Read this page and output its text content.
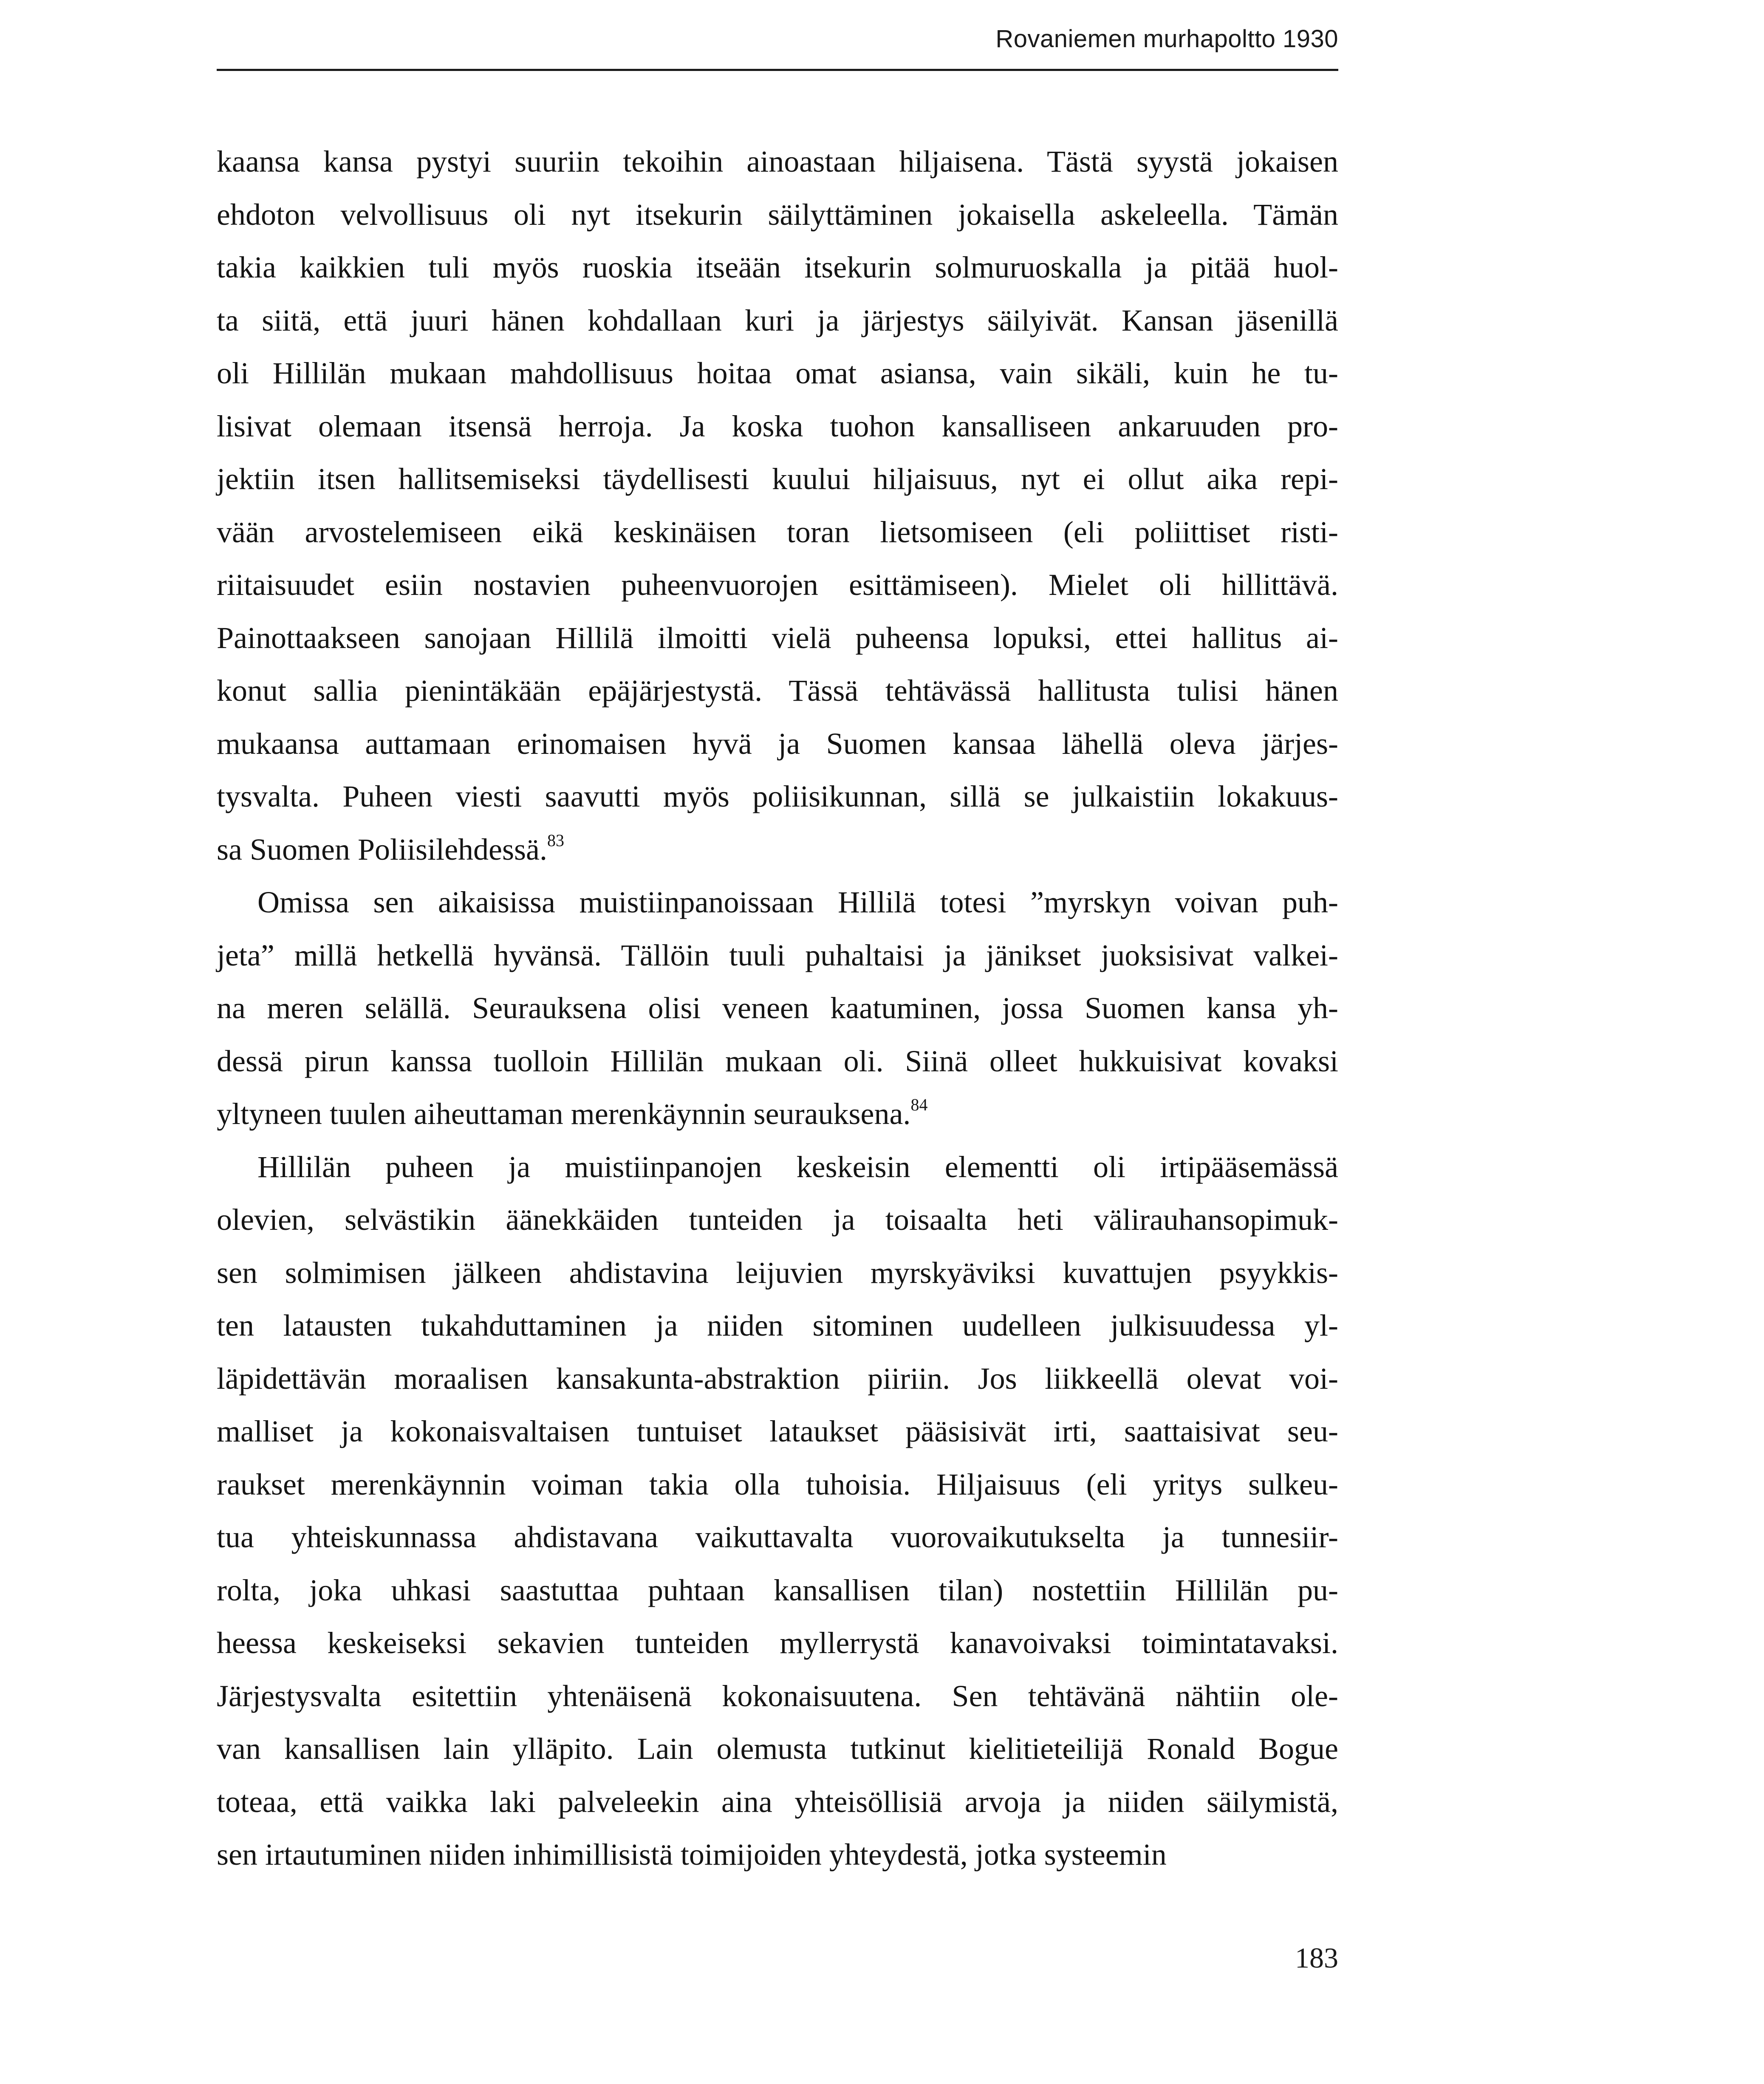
Rovaniemen murhapoltto 1930
kaansa kansa pystyi suuriin tekoihin ainoastaan hiljaisena. Tästä syystä jokaisen
ehdoton velvollisuus oli nyt itsekurin säilyttäminen jokaisella askeleella. Tämän
takia kaikkien tuli myös ruoskia itseään itsekurin solmuruoskalla ja pitää huol-
ta siitä, että juuri hänen kohdallaan kuri ja järjestys säilyivät. Kansan jäsenillä
oli Hillilän mukaan mahdollisuus hoitaa omat asiansa, vain sikäli, kuin he tu-
lisivat olemaan itsensä herroja. Ja koska tuohon kansalliseen ankaruuden pro-
jektiin itsen hallitsemiseksi täydellisesti kuului hiljaisuus, nyt ei ollut aika repi-
vään arvostelemiseen eikä keskinäisen toran lietsomiseen (eli poliittiset risti-
riitaisuudet esiin nostavien puheenvuorojen esittämiseen). Mielet oli hillittävä.
Painottaakseen sanojaan Hillilä ilmoitti vielä puheensa lopuksi, ettei hallitus ai-
konut sallia pienintäkään epäjärjestystä. Tässä tehtävässä hallitusta tulisi hänen
mukaansa auttamaan erinomaisen hyvä ja Suomen kansaa lähellä oleva järjes-
tysvalta. Puheen viesti saavutti myös poliisikunnan, sillä se julkaistiin lokakuus-
sa Suomen Poliisilehdessä.$^{83}$
Omissa sen aikaisissa muistiinpanoissaan Hillilä totesi ”myrskyn voivan puh-
jeta” millä hetkellä hyvänsä. Tällöin tuuli puhaltaisi ja jänikset juoksisivat valkei-
na meren selällä. Seurauksena olisi veneen kaatuminen, jossa Suomen kansa yh-
dessä pirun kanssa tuolloin Hillilän mukaan oli. Siinä olleet hukkuisivat kovaksi
yltyneen tuulen aiheuttaman merenkäynnin seurauksena.$^{84}$
Hillilän puheen ja muistiinpanojen keskeisin elementti oli irtipääsemässä
olevien, selvästikin äänekkäiden tunteiden ja toisaalta heti välirauhansopimuk-
sen solmimisen jälkeen ahdistavina leijuvien myrskyäviksi kuvattujen psyykkis-
ten latausten tukahduttaminen ja niiden sitominen uudelleen julkisuudessa yl-
läpidettävän moraalisen kansakunta-abstraktion piiriin. Jos liikkeellä olevat voi-
malliset ja kokonaisvaltaisen tuntuiset lataukset pääsisivät irti, saattaisivat seu-
raukset merenkäynnin voiman takia olla tuhoisia. Hiljaisuus (eli yritys sulkeu-
tua yhteiskunnassa ahdistavana vaikuttavalta vuorovaikutukselta ja tunnesiir-
rolta, joka uhkasi saastuttaa puhtaan kansallisen tilan) nostettiin Hillilän pu-
heessa keskeiseksi sekavien tunteiden myllerrystä kanavoivaksi toimintatavaksi.
Järjestysvalta esitettiin yhtenäisenä kokonaisuutena. Sen tehtävänä nähtiin ole-
van kansallisen lain ylläpito. Lain olemusta tutkinut kielitieteilijä Ronald Bogue
toteaa, että vaikka laki palveleekin aina yhteisöllisiä arvoja ja niiden säilymistä,
sen irtautuminen niiden inhimillisistä toimijoiden yhteydestä, jotka systeemin
183
